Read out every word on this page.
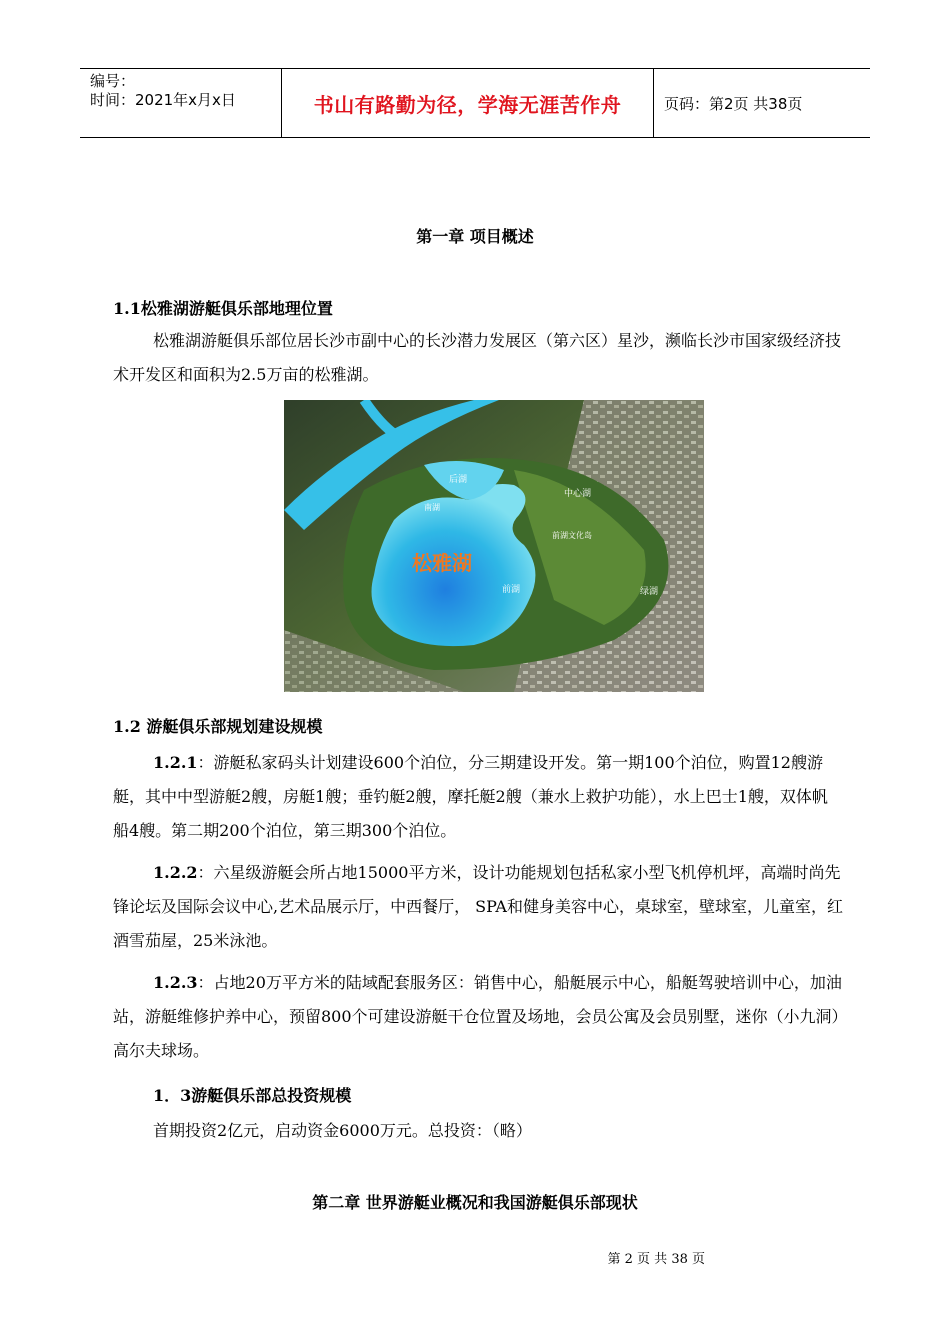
编号：
时间：2021年x月x日	书山有路勤为径，学海无涯苦作舟	页码：第2页 共38页
第一章 项目概述
1.1松雅湖游艇俱乐部地理位置
松雅湖游艇俱乐部位居长沙市副中心的长沙潜力发展区（第六区）星沙，濒临长沙市国家级经济技术开发区和面积为2.5万亩的松雅湖。
松雅湖
后湖
中心湖
前湖
前湖文化岛
绿湖
南湖
1.2 游艇俱乐部规划建设规模
1.2.1：游艇私家码头计划建设600个泊位，分三期建设开发。第一期100个泊位，购置12艘游艇，其中中型游艇2艘，房艇1艘；垂钓艇2艘，摩托艇2艘（兼水上救护功能），水上巴士1艘，双体帆船4艘。第二期200个泊位，第三期300个泊位。
1.2.2：六星级游艇会所占地15000平方米，设计功能规划包括私家小型飞机停机坪，高端时尚先锋论坛及国际会议中心,艺术品展示厅，中西餐厅， SPA和健身美容中心，桌球室，壁球室，儿童室，红酒雪茄屋，25米泳池。
1.2.3：占地20万平方米的陆域配套服务区：销售中心，船艇展示中心，船艇驾驶培训中心，加油站，游艇维修护养中心，预留800个可建设游艇干仓位置及场地，会员公寓及会员别墅，迷你（小九洞）高尔夫球场。
1．3游艇俱乐部总投资规模
首期投资2亿元，启动资金6000万元。总投资：（略）
第二章 世界游艇业概况和我国游艇俱乐部现状
第 2 页 共 38 页
